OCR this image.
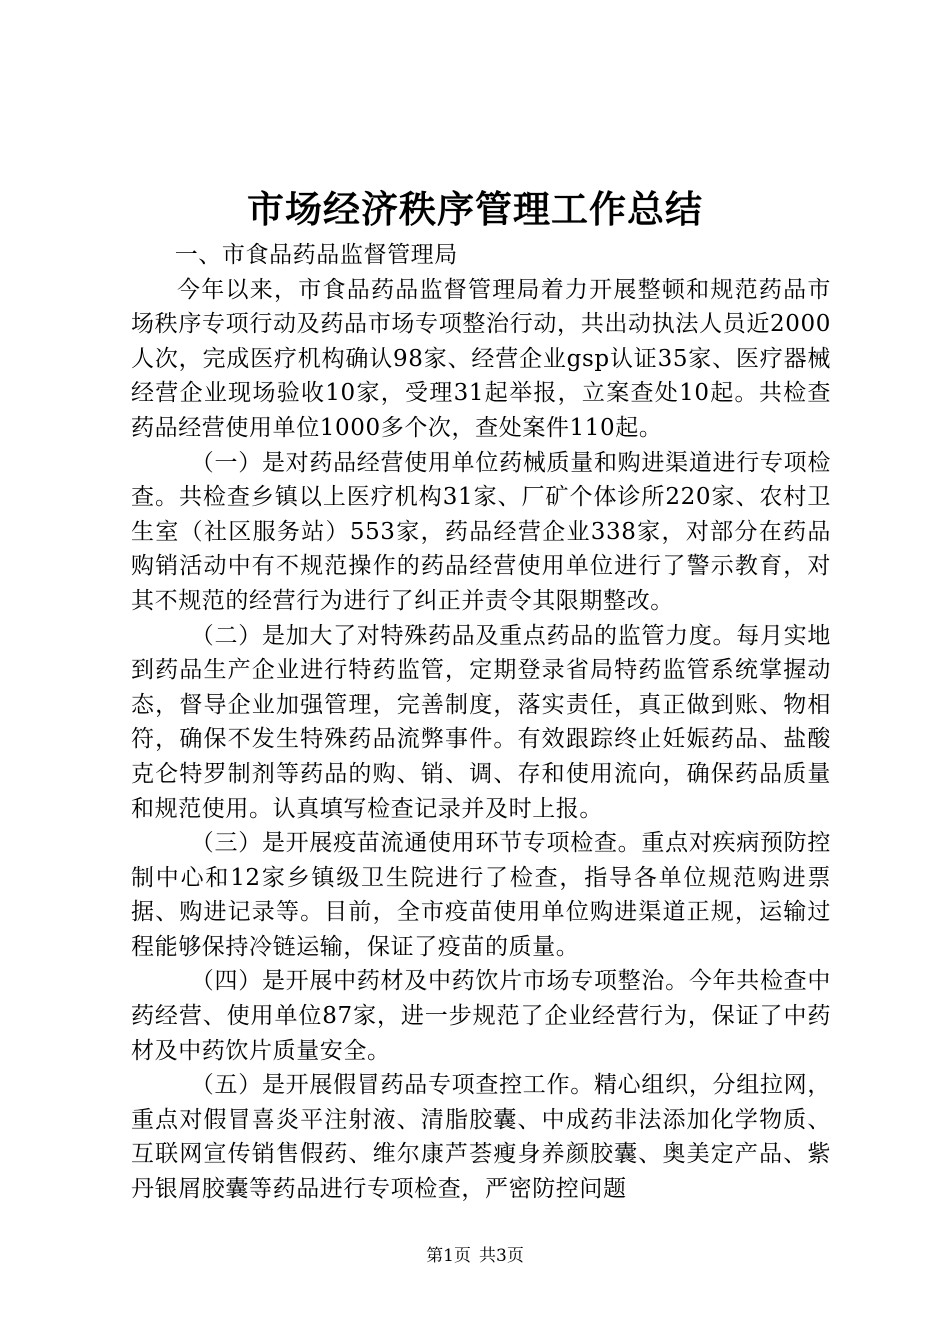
市场经济秩序管理工作总结

一、市食品药品监督管理局

今年以来，市食品药品监督管理局着力开展整顿和规范药品市场秩序专项行动及药品市场专项整治行动，共出动执法人员近2000人次，完成医疗机构确认98家、经营企业gsp认证35家、医疗器械经营企业现场验收10家，受理31起举报，立案查处10起。共检查药品经营使用单位1000多个次，查处案件110起。

（一）是对药品经营使用单位药械质量和购进渠道进行专项检查。共检查乡镇以上医疗机构31家、厂矿个体诊所220家、农村卫生室（社区服务站）553家，药品经营企业338家，对部分在药品购销活动中有不规范操作的药品经营使用单位进行了警示教育，对其不规范的经营行为进行了纠正并责令其限期整改。

（二）是加大了对特殊药品及重点药品的监管力度。每月实地到药品生产企业进行特药监管，定期登录省局特药监管系统掌握动态，督导企业加强管理，完善制度，落实责任，真正做到账、物相符，确保不发生特殊药品流弊事件。有效跟踪终止妊娠药品、盐酸克仑特罗制剂等药品的购、销、调、存和使用流向，确保药品质量和规范使用。认真填写检查记录并及时上报。

（三）是开展疫苗流通使用环节专项检查。重点对疾病预防控制中心和12家乡镇级卫生院进行了检查，指导各单位规范购进票据、购进记录等。目前，全市疫苗使用单位购进渠道正规，运输过程能够保持冷链运输，保证了疫苗的质量。

（四）是开展中药材及中药饮片市场专项整治。今年共检查中药经营、使用单位87家，进一步规范了企业经营行为，保证了中药材及中药饮片质量安全。

（五）是开展假冒药品专项查控工作。精心组织，分组拉网，重点对假冒喜炎平注射液、清脂胶囊、中成药非法添加化学物质、互联网宣传销售假药、维尔康芦荟瘦身养颜胶囊、奥美定产品、紫丹银屑胶囊等药品进行专项检查，严密防控问题

第1页 共3页
